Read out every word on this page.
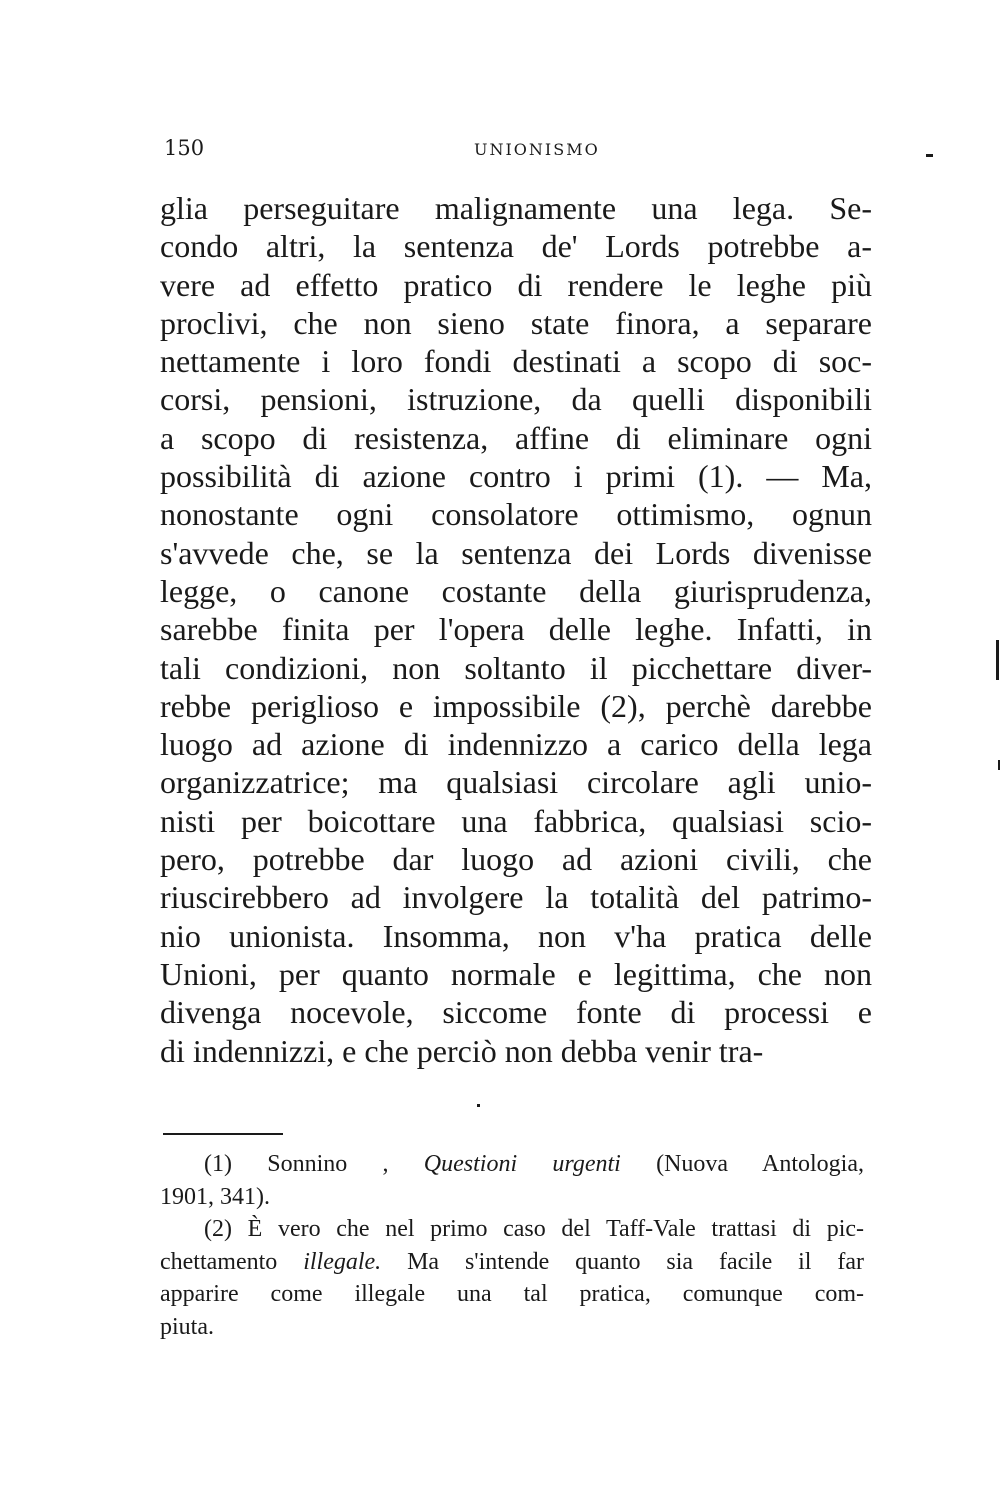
150	UNIONISMO
glia perseguitare malignamente una lega. Se-
condo altri, la sentenza de' Lords potrebbe a-
vere ad effetto pratico di rendere le leghe più
proclivi, che non sieno state finora, a separare
nettamente i loro fondi destinati a scopo di soc-
corsi, pensioni, istruzione, da quelli disponibili
a scopo di resistenza, affine di eliminare ogni
possibilità di azione contro i primi (1). — Ma,
nonostante ogni consolatore ottimismo, ognun
s'avvede che, se la sentenza dei Lords divenisse
legge, o canone costante della giurisprudenza,
sarebbe finita per l'opera delle leghe. Infatti, in
tali condizioni, non soltanto il picchettare diver-
rebbe periglioso e impossibile (2), perchè darebbe
luogo ad azione di indennizzo a carico della lega
organizzatrice; ma qualsiasi circolare agli unio-
nisti per boicottare una fabbrica, qualsiasi scio-
pero, potrebbe dar luogo ad azioni civili, che
riuscirebbero ad involgere la totalità del patrimo-
nio unionista. Insomma, non v'ha pratica delle
Unioni, per quanto normale e legittima, che non
divenga nocevole, siccome fonte di processi e
di indennizzi, e che perciò non debba venir tra-
(1) Sonnino , Questioni urgenti (Nuova Antologia,
1901, 341).
(2) È vero che nel primo caso del Taff-Vale trattasi di pic-
chettamento illegale. Ma s'intende quanto sia facile il far
apparire come illegale una tal pratica, comunque com-
piuta.
